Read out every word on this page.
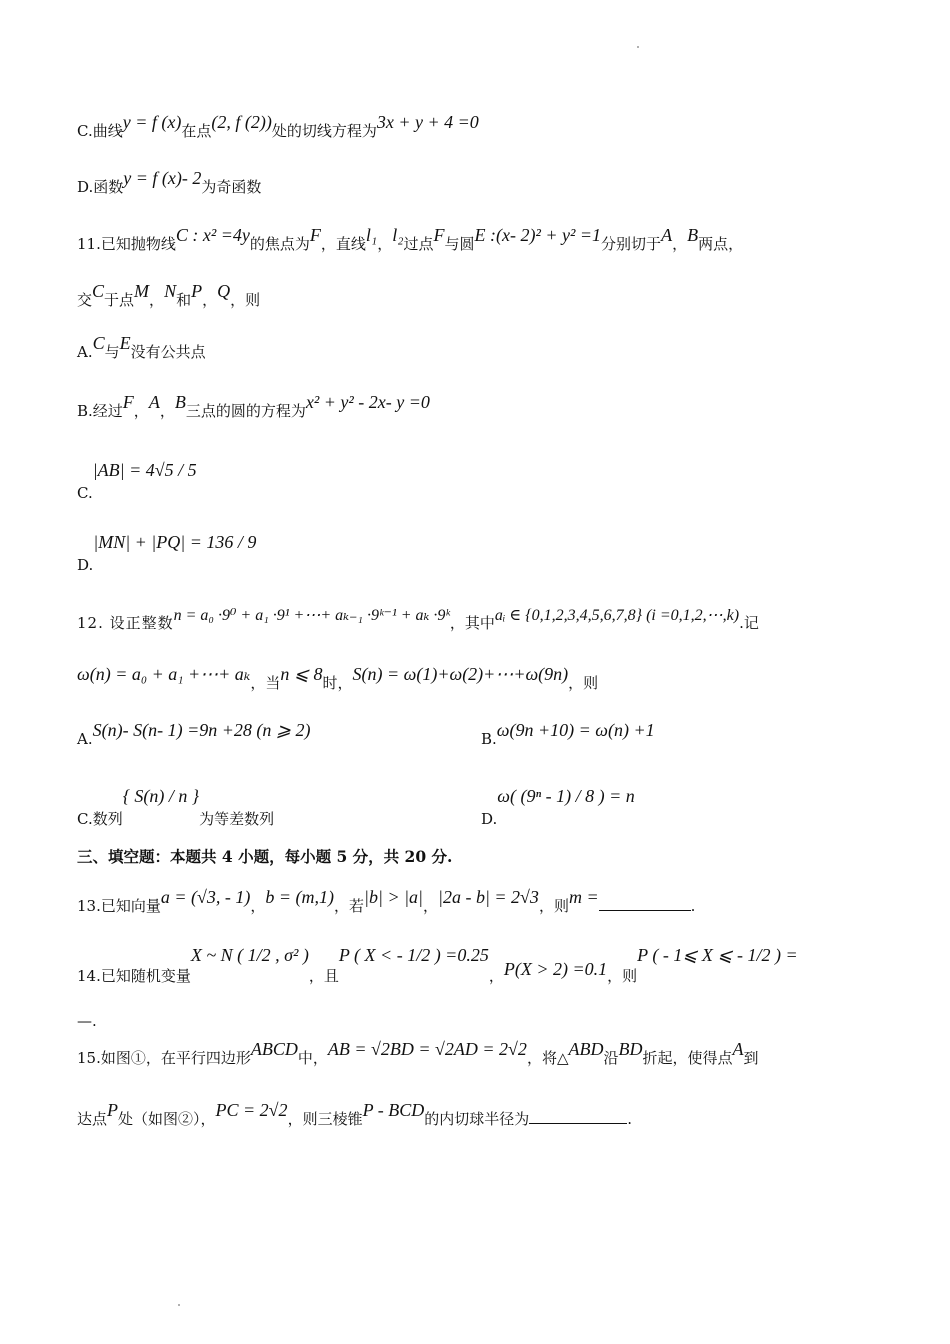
C.曲线y = f (x)在点(2, f (2))处的切线方程为3x + y + 4 =0
D.函数y = f (x)- 2为奇函数
11.已知抛物线C : x² =4y的焦点为F，直线l₁，l₂过点F与圆E :(x- 2)² + y² =1分别切于A，B两点，
交C于点M，N和P，Q，则
A.C与E没有公共点
B.经过F，A，B三点的圆的方程为x² + y² - 2x- y =0
C.|AB| = 4√5 / 5
D.|MN| + |PQ| = 136 / 9
12. 设正整数n = a₀ ·9⁰ + a₁ ·9¹ +⋯+ aₖ₋₁ ·9ᵏ⁻¹ + aₖ ·9ᵏ，其中aᵢ ∈ {0,1,2,3,4,5,6,7,8} (i =0,1,2,⋯,k).记
ω(n) = a₀ + a₁ +⋯+ aₖ，当n ⩽ 8时，S(n) = ω(1)+ω(2)+⋯+ω(9n)，则
A.S(n)- S(n- 1) =9n +28 (n ⩾ 2)	B.ω(9n +10) = ω(n) +1
C.数列{ S(n) / n }为等差数列	D.ω( (9ⁿ - 1) / 8 ) = n
三、填空题：本题共 4 小题，每小题 5 分，共 20 分.
13.已知向量a = (√3, - 1)，b = (m,1)，若|b| > |a|，|2a - b| = 2√3，则m =	.
14.已知随机变量X ~ N ( 1/2 , σ² )，且P ( X < - 1/2 ) =0.25，P(X > 2) =0.1，则P ( - 1⩽ X ⩽ - 1/2 ) =
—.
15.如图①，在平行四边形ABCD中，AB = √2BD = √2AD = 2√2，将△ABD沿BD折起，使得点A到
达点P处（如图②），PC = 2√2，则三棱锥P - BCD的内切球半径为	.
